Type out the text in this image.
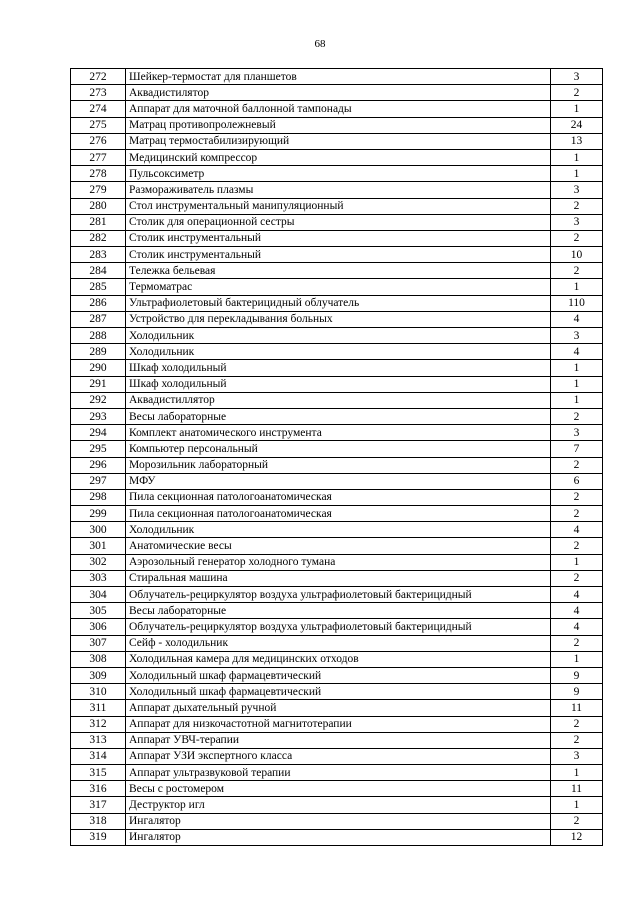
68
272	Шейкер-термостат для планшетов	3
273	Аквадистилятор	2
274	Аппарат для маточной баллонной тампонады	1
275	Матрац противопролежневый	24
276	Матрац термостабилизирующий	13
277	Медицинский компрессор	1
278	Пульсоксиметр	1
279	Размораживатель плазмы	3
280	Стол инструментальный манипуляционный	2
281	Столик для операционной сестры	3
282	Столик инструментальный	2
283	Столик инструментальный	10
284	Тележка бельевая	2
285	Термоматрас	1
286	Ультрафиолетовый бактерицидный облучатель	110
287	Устройство для перекладывания больных	4
288	Холодильник	3
289	Холодильник	4
290	Шкаф холодильный	1
291	Шкаф холодильный	1
292	Аквадистиллятор	1
293	Весы лабораторные	2
294	Комплект анатомического инструмента	3
295	Компьютер персональный	7
296	Морозильник лабораторный	2
297	МФУ	6
298	Пила секционная патологоанатомическая	2
299	Пила секционная патологоанатомическая	2
300	Холодильник	4
301	Анатомические весы	2
302	Аэрозольный генератор холодного тумана	1
303	Стиральная машина	2
304	Облучатель-рециркулятор воздуха ультрафиолетовый бактерицидный	4
305	Весы лабораторные	4
306	Облучатель-рециркулятор воздуха ультрафиолетовый бактерицидный	4
307	Сейф - холодильник	2
308	Холодильная камера для медицинских отходов	1
309	Холодильный шкаф фармацевтический	9
310	Холодильный шкаф фармацевтический	9
311	Аппарат дыхательный ручной	11
312	Аппарат для низкочастотной магнитотерапии	2
313	Аппарат УВЧ-терапии	2
314	Аппарат УЗИ экспертного класса	3
315	Аппарат ультразвуковой терапии	1
316	Весы с ростомером	11
317	Деструктор игл	1
318	Ингалятор	2
319	Ингалятор	12
